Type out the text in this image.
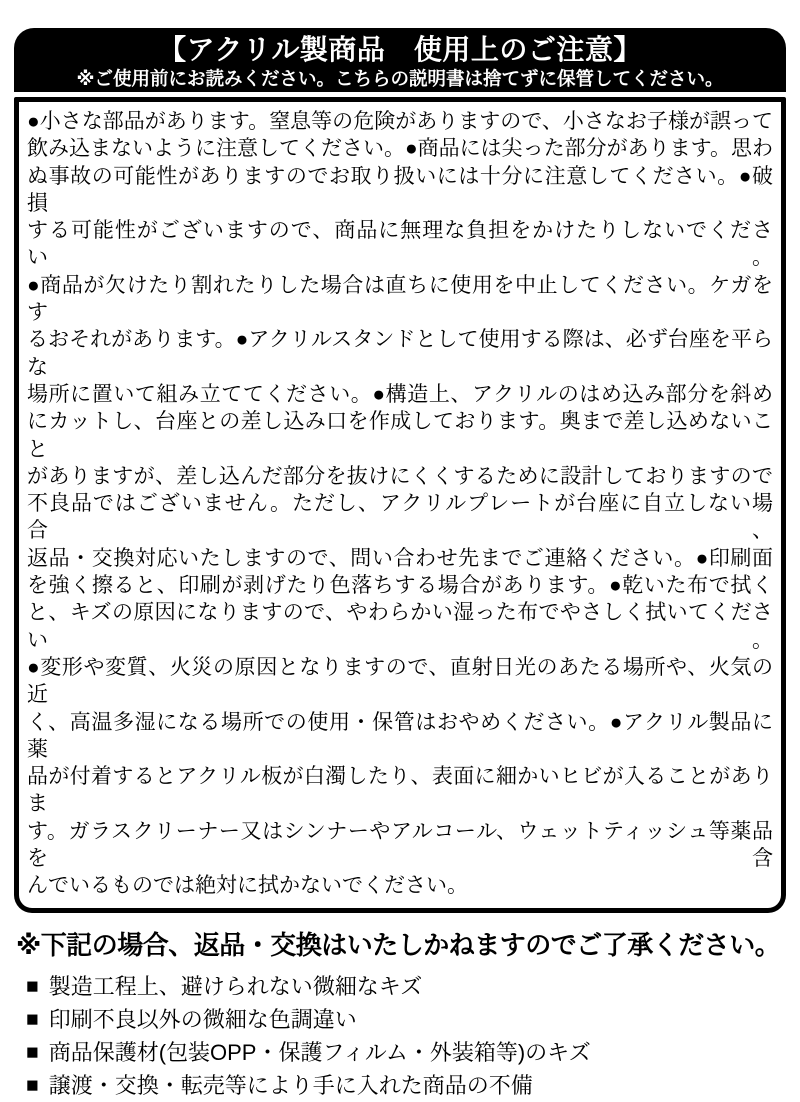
【アクリル製商品　使用上のご注意】
※ご使用前にお読みください。こちらの説明書は捨てずに保管してください。
●小さな部品があります。窒息等の危険がありますので、小さなお子様が誤って
飲み込まないように注意してください。●商品には尖った部分があります。思わ
ぬ事故の可能性がありますのでお取り扱いには十分に注意してください。●破損
する可能性がございますので、商品に無理な負担をかけたりしないでください。
●商品が欠けたり割れたりした場合は直ちに使用を中止してください。ケガをす
るおそれがあります。●アクリルスタンドとして使用する際は、必ず台座を平らな
場所に置いて組み立ててください。●構造上、アクリルのはめ込み部分を斜め
にカットし、台座との差し込み口を作成しております。奥まで差し込めないこと
がありますが、差し込んだ部分を抜けにくくするために設計しておりますので
不良品ではございません。ただし、アクリルプレートが台座に自立しない場合、
返品・交換対応いたしますので、問い合わせ先までご連絡ください。●印刷面
を強く擦ると、印刷が剥げたり色落ちする場合があります。●乾いた布で拭く
と、キズの原因になりますので、やわらかい湿った布でやさしく拭いてください。
●変形や変質、火災の原因となりますので、直射日光のあたる場所や、火気の近
く、高温多湿になる場所での使用・保管はおやめください。●アクリル製品に薬
品が付着するとアクリル板が白濁したり、表面に細かいヒビが入ることがありま
す。ガラスクリーナー又はシンナーやアルコール、ウェットティッシュ等薬品を含
んでいるものでは絶対に拭かないでください。
※下記の場合、返品・交換はいたしかねますのでご了承ください。
■ 製造工程上、避けられない微細なキズ
■ 印刷不良以外の微細な色調違い
■ 商品保護材(包装OPP・保護フィルム・外装箱等)のキズ
■ 譲渡・交換・転売等により手に入れた商品の不備
